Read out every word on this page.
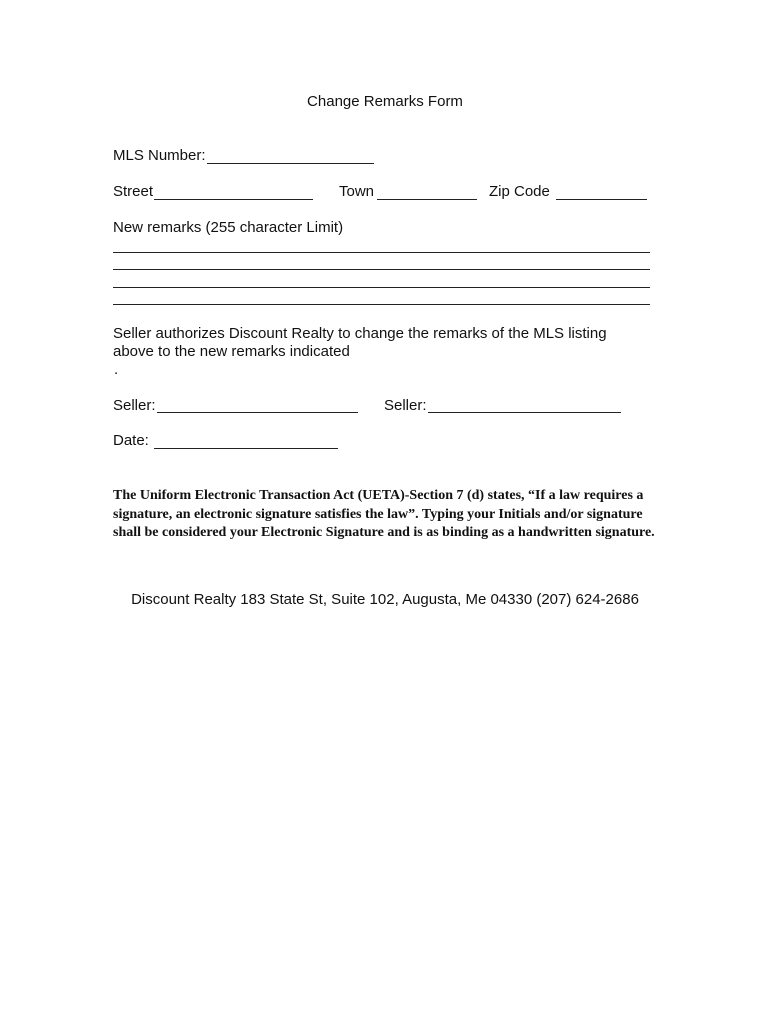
Change Remarks Form
MLS Number:
Street	Town	Zip Code
New remarks (255 character Limit)
Seller authorizes Discount Realty to change the remarks of the MLS listing above to the new remarks indicated
.
Seller:	Seller:
Date:
The Uniform Electronic Transaction Act (UETA)-Section 7 (d) states, “If a law requires a signature, an electronic signature satisfies the law”. Typing your Initials and/or signature shall be considered your Electronic Signature and is as binding as a handwritten signature.
Discount Realty 183 State St, Suite 102, Augusta, Me 04330 (207) 624-2686
